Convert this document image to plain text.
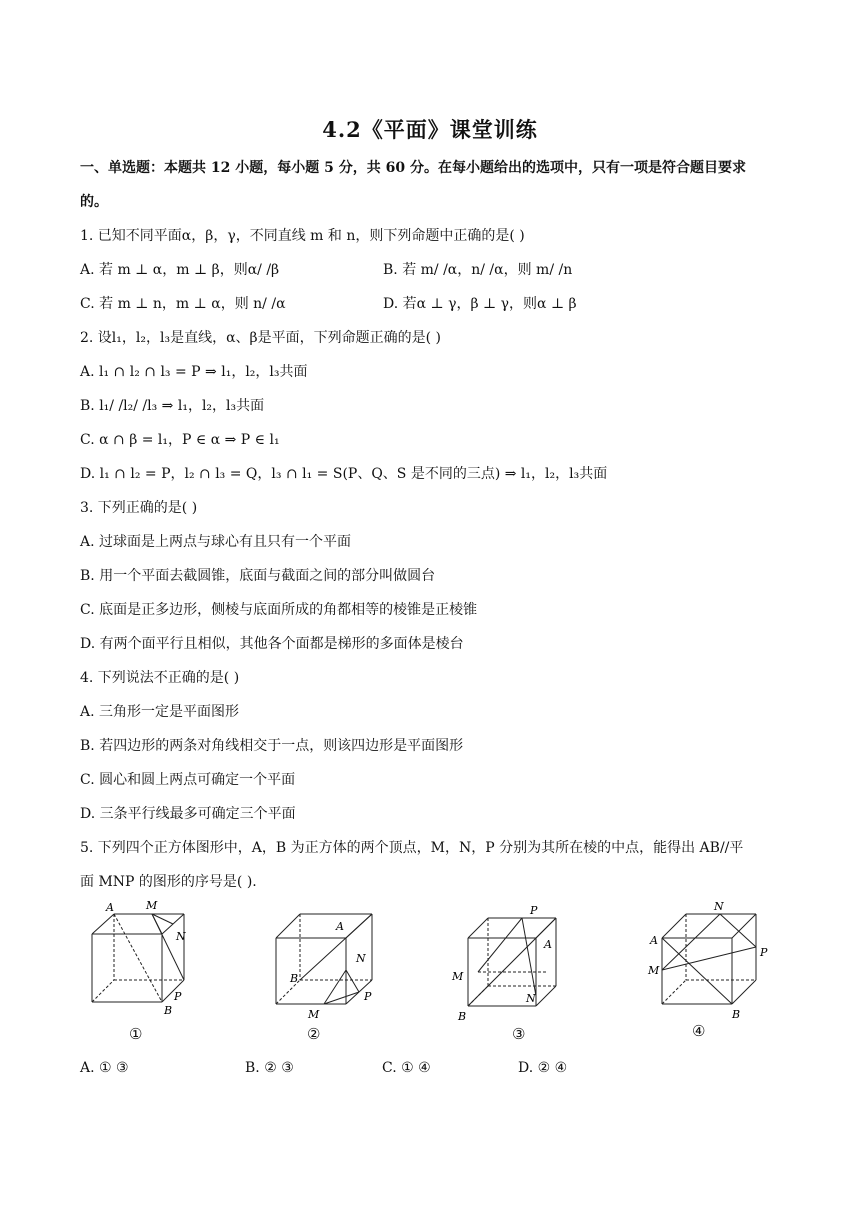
4.2《平面》课堂训练
一、单选题：本题共 12 小题，每小题 5 分，共 60 分。在每小题给出的选项中，只有一项是符合题目要求
的。
1. 已知不同平面α，β，γ，不同直线 m 和 n，则下列命题中正确的是( )
A. 若 m ⊥ α，m ⊥ β，则α/ /β	B. 若 m/ /α，n/ /α，则 m/ /n
C. 若 m ⊥ n，m ⊥ α，则 n/ /α	D. 若α ⊥ γ，β ⊥ γ，则α ⊥ β
2. 设l₁，l₂，l₃是直线，α、β是平面，下列命题正确的是( )
A. l₁ ∩ l₂ ∩ l₃ = P ⇒ l₁，l₂，l₃共面
B. l₁/ /l₂/ /l₃ ⇒ l₁，l₂，l₃共面
C. α ∩ β = l₁，P ∈ α ⇒ P ∈ l₁
D. l₁ ∩ l₂ = P，l₂ ∩ l₃ = Q，l₃ ∩ l₁ = S(P、Q、S 是不同的三点) ⇒ l₁，l₂，l₃共面
3. 下列正确的是( )
A. 过球面是上两点与球心有且只有一个平面
B. 用一个平面去截圆锥，底面与截面之间的部分叫做圆台
C. 底面是正多边形，侧棱与底面所成的角都相等的棱锥是正棱锥
D. 有两个面平行且相似，其他各个面都是梯形的多面体是棱台
4. 下列说法不正确的是( )
A. 三角形一定是平面图形
B. 若四边形的两条对角线相交于一点，则该四边形是平面图形
C. 圆心和圆上两点可确定一个平面
D. 三条平行线最多可确定三个平面
5. 下列四个正方体图形中，A，B 为正方体的两个顶点，M，N，P 分别为其所在棱的中点，能得出 AB//平
面 MNP 的图形的序号是( ).
A	M
N
P
B
①
A
B
N
P
M
②
P
A
M
N
B
③
A
N
M
P
B
④
A. ① ③	B. ② ③	C. ① ④	D. ② ④
